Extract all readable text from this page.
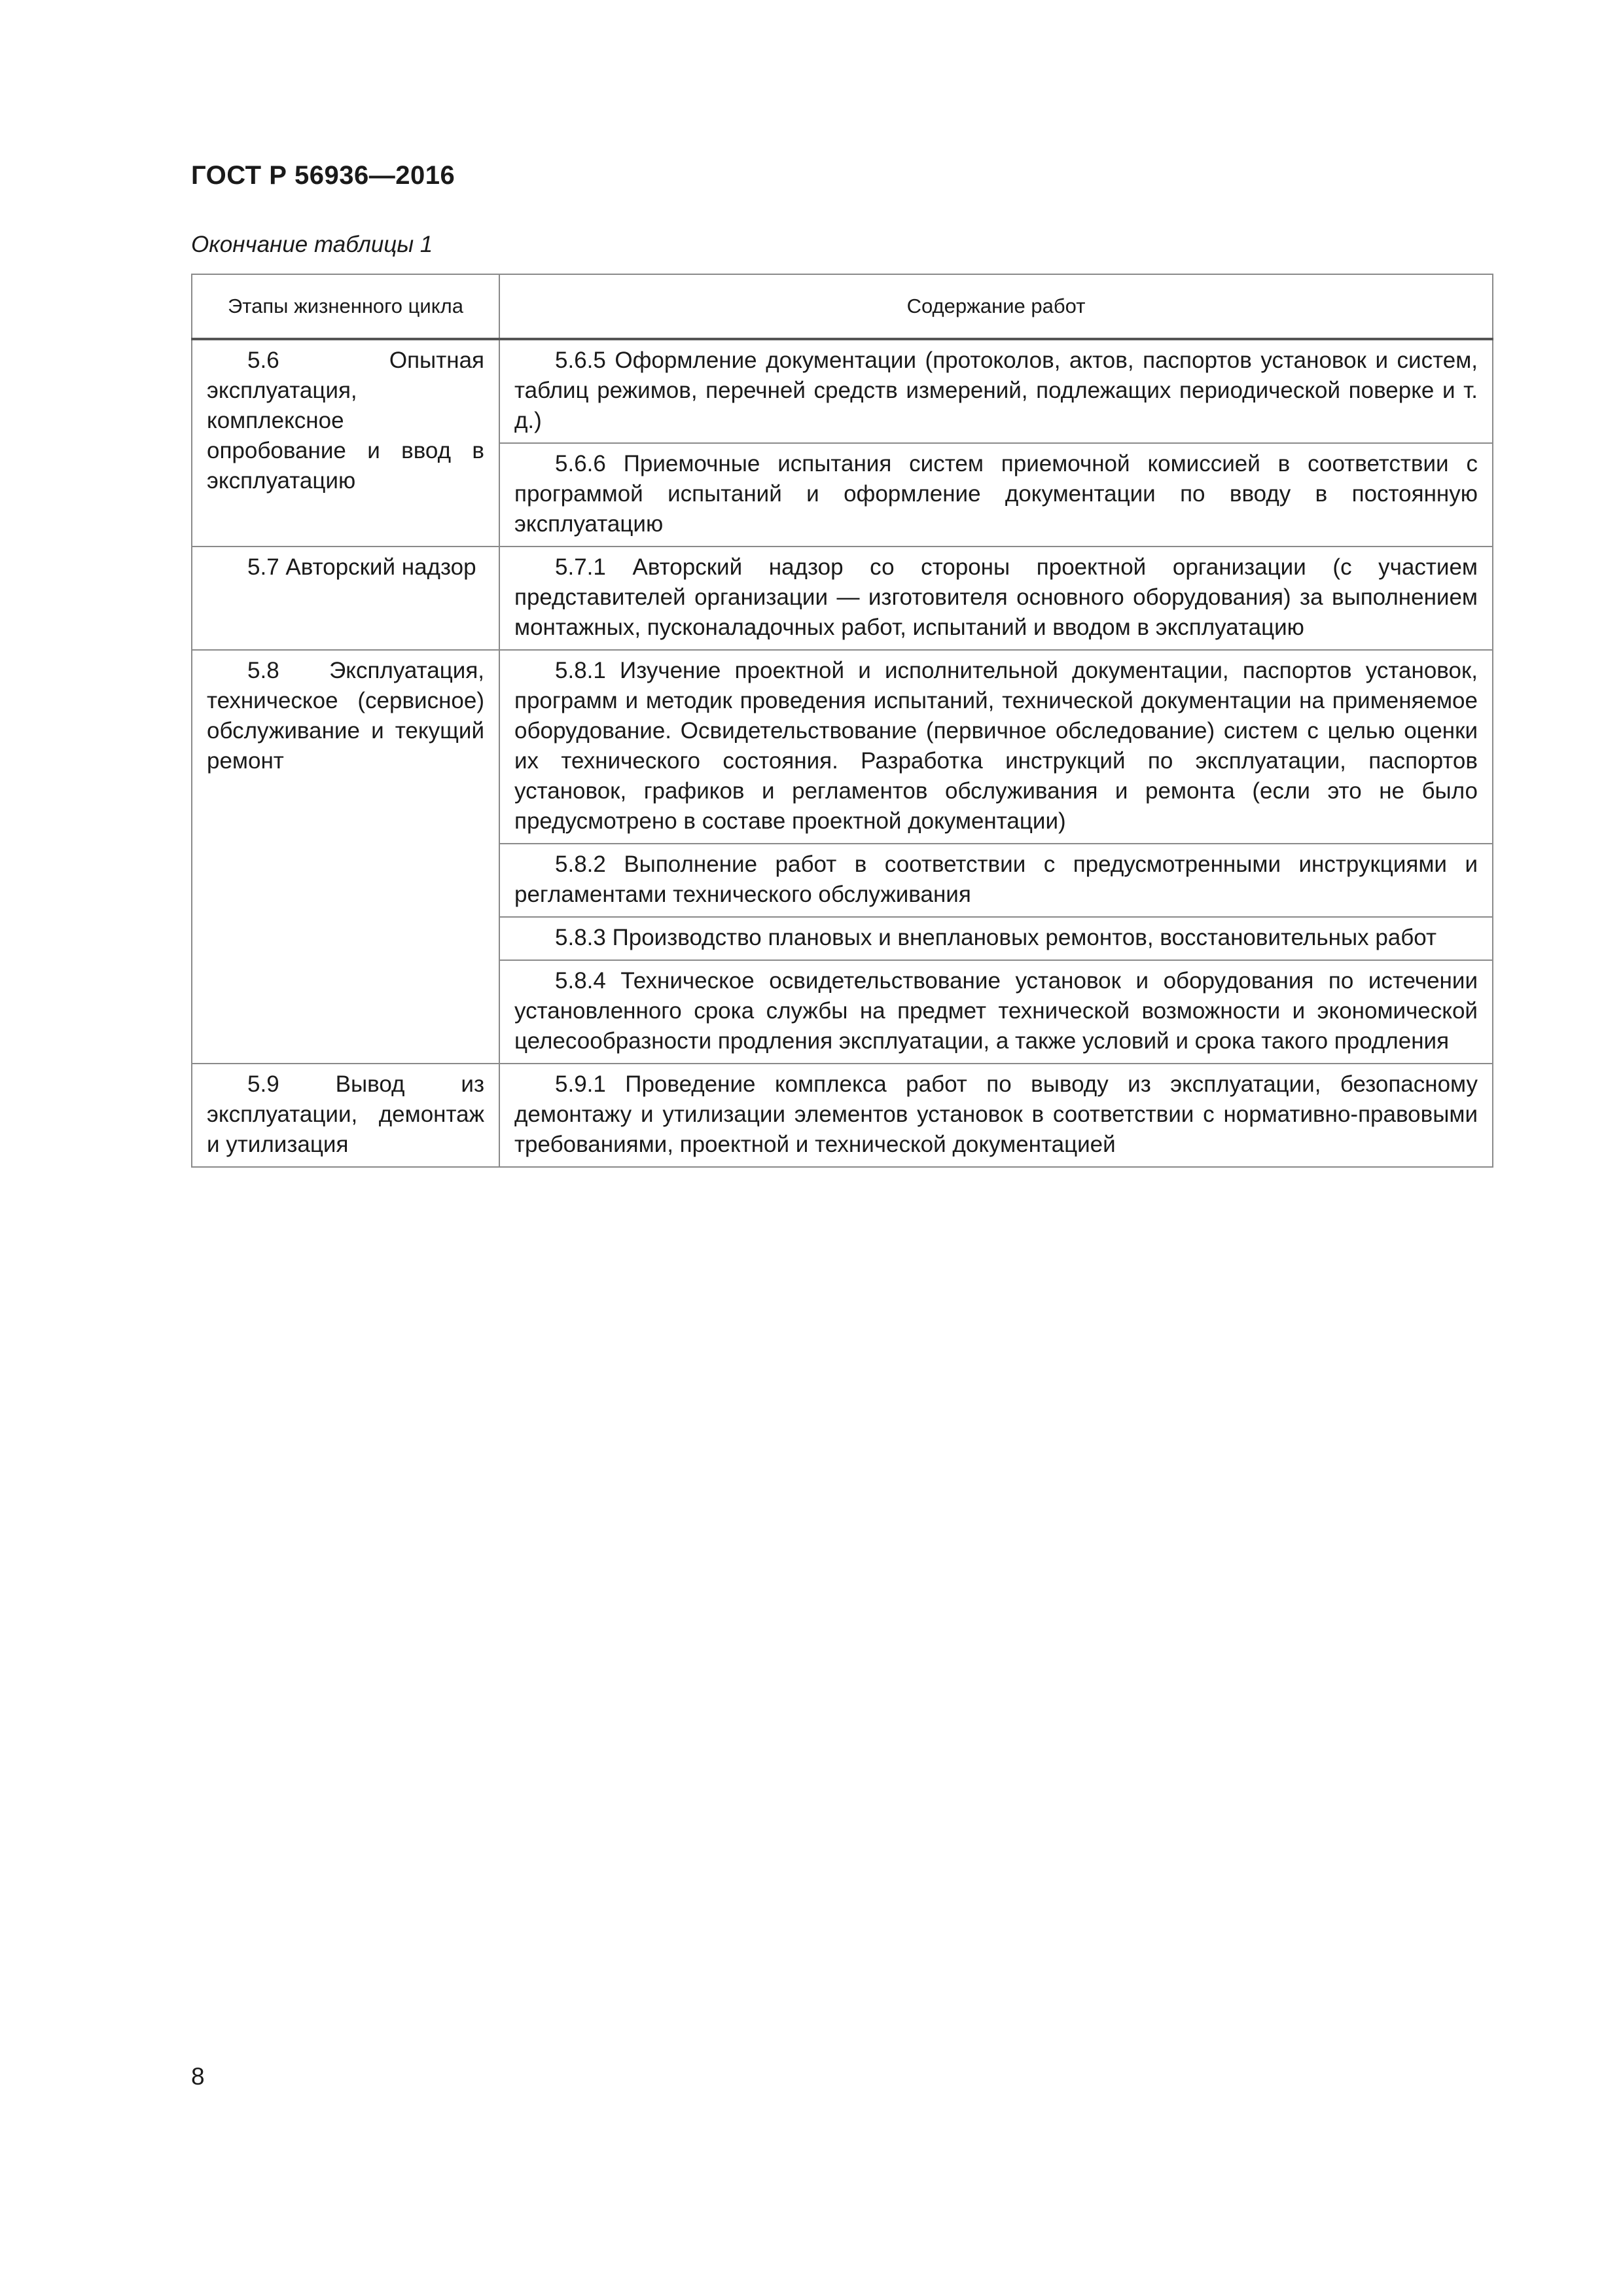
ГОСТ Р 56936—2016
Окончание таблицы 1
Этапы жизненного цикла	Содержание работ
5.6 Опытная эксплуатация, комплексное опробование и ввод в эксплуатацию	5.6.5 Оформление документации (протоколов, актов, паспортов установок и систем, таблиц режимов, перечней средств измерений, подлежащих периодической поверке и т. д.)
	5.6.6 Приемочные испытания систем приемочной комиссией в соответствии с программой испытаний и оформление документации по вводу в постоянную эксплуатацию
5.7 Авторский надзор	5.7.1 Авторский надзор со стороны проектной организации (с участием представителей организации — изготовителя основного оборудования) за выполнением монтажных, пусконаладочных работ, испытаний и вводом в эксплуатацию
5.8 Эксплуатация, техническое (сервисное) обслуживание и текущий ремонт	5.8.1 Изучение проектной и исполнительной документации, паспортов установок, программ и методик проведения испытаний, технической документации на применяемое оборудование. Освидетельствование (первичное обследование) систем с целью оценки их технического состояния. Разработка инструкций по эксплуатации, паспортов установок, графиков и регламентов обслуживания и ремонта (если это не было предусмотрено в составе проектной документации)
	5.8.2 Выполнение работ в соответствии с предусмотренными инструкциями и регламентами технического обслуживания
	5.8.3 Производство плановых и внеплановых ремонтов, восстановительных работ
	5.8.4 Техническое освидетельствование установок и оборудования по истечении установленного срока службы на предмет технической возможности и экономической целесообразности продления эксплуатации, а также условий и срока такого продления
5.9 Вывод из эксплуатации, демонтаж и утилизация	5.9.1 Проведение комплекса работ по выводу из эксплуатации, безопасному демонтажу и утилизации элементов установок в соответствии с нормативно-правовыми требованиями, проектной и технической документацией
8
